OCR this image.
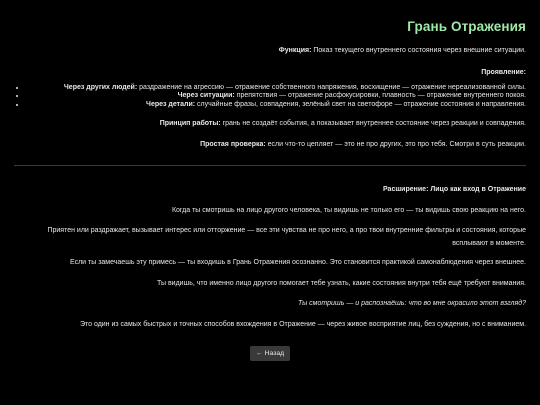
Грань Отражения

Функция: Показ текущего внутреннего состояния через внешние ситуации.

Проявление:

• Через других людей: раздражение на агрессию — отражение собственного напряжения, восхищение — отражение нереализованной силы.
• Через ситуации: препятствия — отражение расфокусировки, плавность — отражение внутреннего покоя.
• Через детали: случайные фразы, совпадения, зелёный свет на светофоре — отражение состояния и направления.

Принцип работы: грань не создаёт события, а показывает внутреннее состояние через реакции и совпадения.

Простая проверка: если что-то цепляет — это не про других, это про тебя. Смотри в суть реакции.

Расширение: Лицо как вход в Отражение

Когда ты смотришь на лицо другого человека, ты видишь не только его — ты видишь свою реакцию на него.

Приятен или раздражает, вызывает интерес или отторжение — все эти чувства не про него, а про твои внутренние фильтры и состояния, которые всплывают в моменте.

Если ты замечаешь эту примесь — ты входишь в Грань Отражения осознанно. Это становится практикой самонаблюдения через внешнее.

Ты видишь, что именно лицо другого помогает тебе узнать, какие состояния внутри тебя ещё требуют внимания.

Ты смотришь — и распознаёшь: что во мне окрасило этот взгляд?

Это один из самых быстрых и точных способов вхождения в Отражение — через живое восприятие лиц, без суждения, но с вниманием.

← Назад
